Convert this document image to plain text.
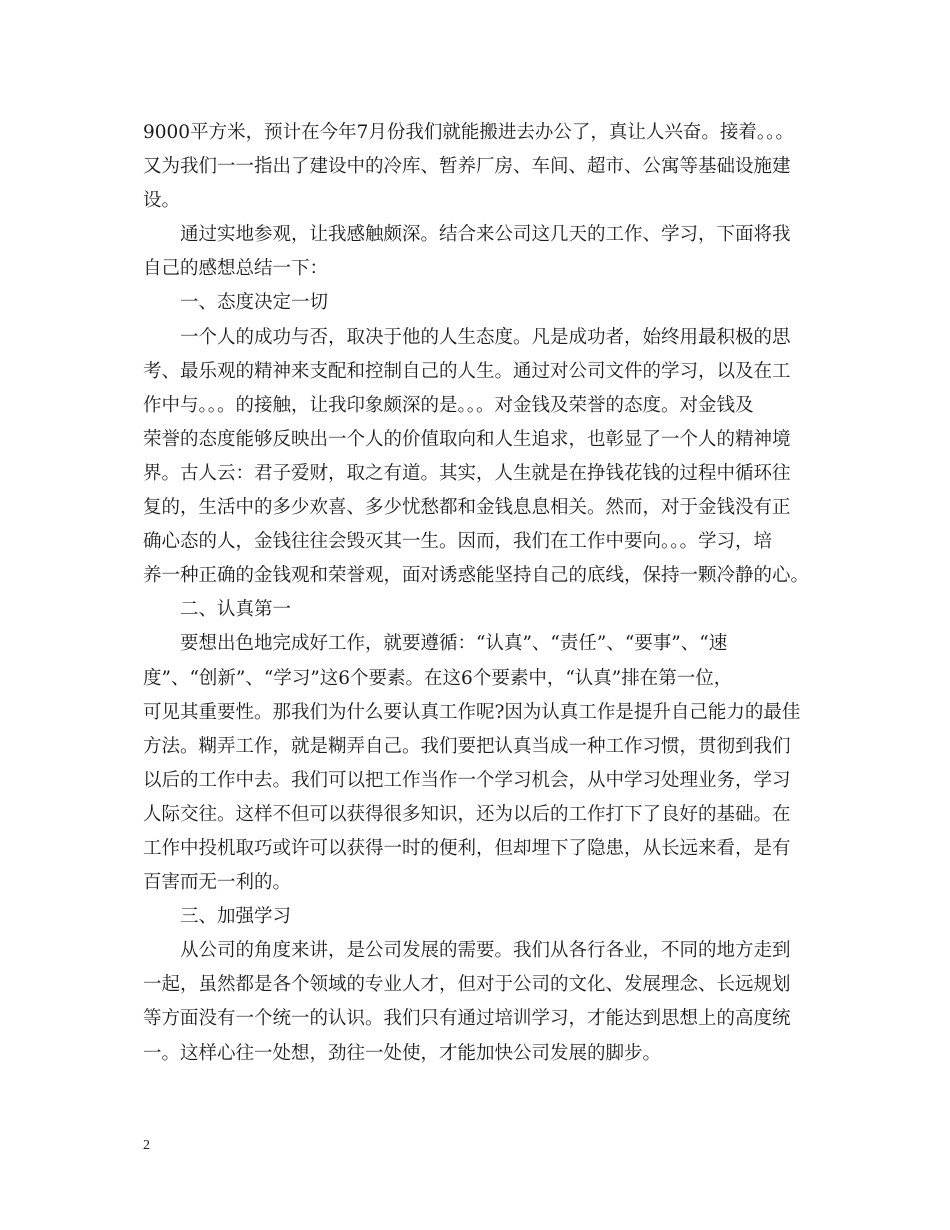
9000平方米，预计在今年7月份我们就能搬进去办公了，真让人兴奋。接着。。。
又为我们一一指出了建设中的冷库、暂养厂房、车间、超市、公寓等基础设施建
设。
通过实地参观，让我感触颇深。结合来公司这几天的工作、学习，下面将我
自己的感想总结一下：
一、态度决定一切
一个人的成功与否，取决于他的人生态度。凡是成功者，始终用最积极的思
考、最乐观的精神来支配和控制自己的人生。通过对公司文件的学习，以及在工
作中与。。。的接触，让我印象颇深的是。。。对金钱及荣誉的态度。对金钱及
荣誉的态度能够反映出一个人的价值取向和人生追求，也彰显了一个人的精神境
界。古人云：君子爱财，取之有道。其实，人生就是在挣钱花钱的过程中循环往
复的，生活中的多少欢喜、多少忧愁都和金钱息息相关。然而，对于金钱没有正
确心态的人，金钱往往会毁灭其一生。因而，我们在工作中要向。。。学习，培
养一种正确的金钱观和荣誉观，面对诱惑能坚持自己的底线，保持一颗冷静的心。
二、认真第一
要想出色地完成好工作，就要遵循：“认真”、“责任”、“要事”、“速
度”、“创新”、“学习”这6个要素。在这6个要素中，“认真”排在第一位，
可见其重要性。那我们为什么要认真工作呢?因为认真工作是提升自己能力的最佳
方法。糊弄工作，就是糊弄自己。我们要把认真当成一种工作习惯，贯彻到我们
以后的工作中去。我们可以把工作当作一个学习机会，从中学习处理业务，学习
人际交往。这样不但可以获得很多知识，还为以后的工作打下了良好的基础。在
工作中投机取巧或许可以获得一时的便利，但却埋下了隐患，从长远来看，是有
百害而无一利的。
三、加强学习
从公司的角度来讲，是公司发展的需要。我们从各行各业，不同的地方走到
一起，虽然都是各个领域的专业人才，但对于公司的文化、发展理念、长远规划
等方面没有一个统一的认识。我们只有通过培训学习，才能达到思想上的高度统
一。这样心往一处想，劲往一处使，才能加快公司发展的脚步。
2
